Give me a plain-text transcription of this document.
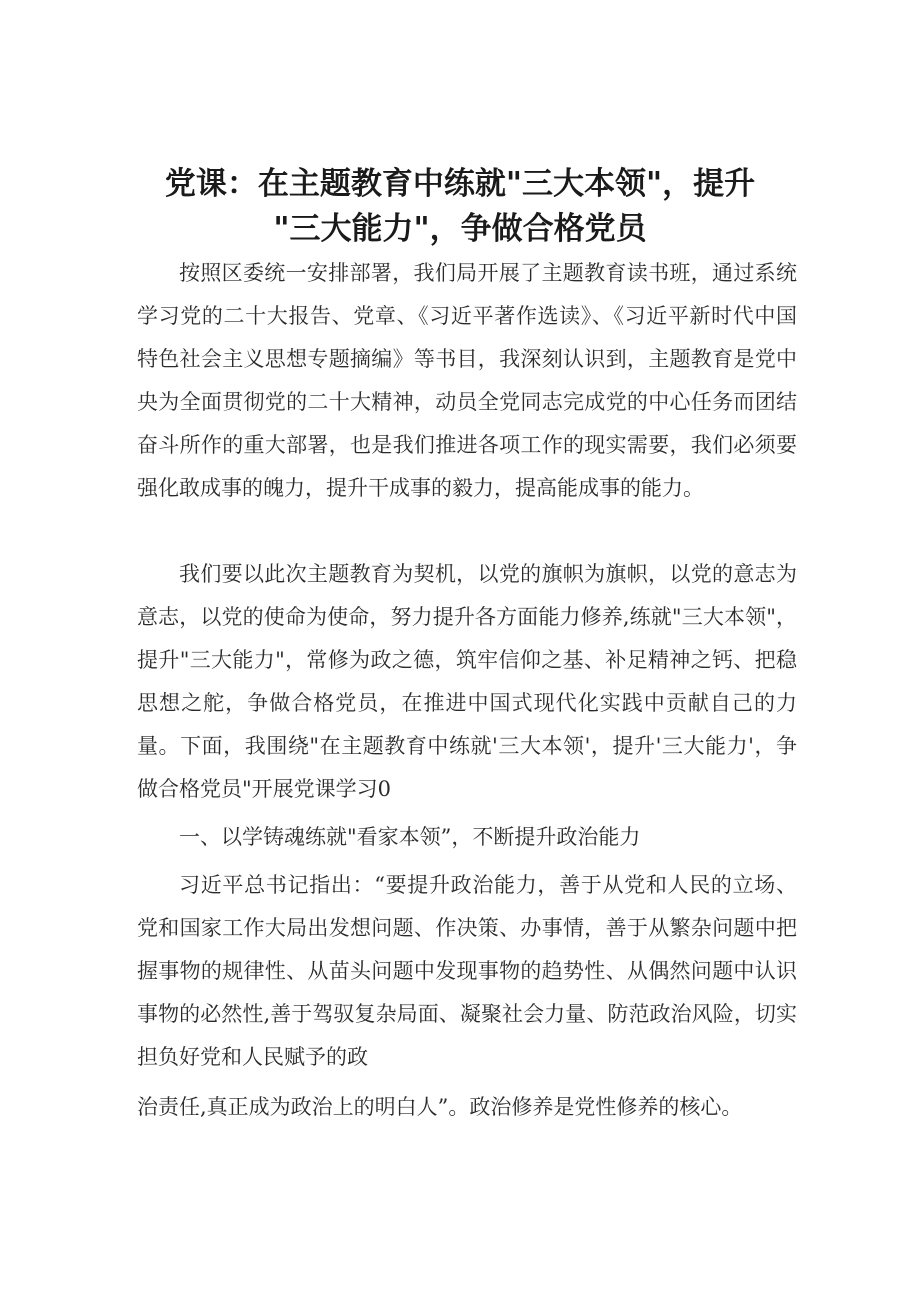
党课：在主题教育中练就"三大本领"，提升
"三大能力"，争做合格党员

按照区委统一安排部署，我们局开展了主题教育读书班，通过系统学习党的二十大报告、党章、《习近平著作选读》、《习近平新时代中国特色社会主义思想专题摘编》等书目，我深刻认识到，主题教育是党中央为全面贯彻党的二十大精神，动员全党同志完成党的中心任务而团结奋斗所作的重大部署，也是我们推进各项工作的现实需要，我们必须要强化敢成事的魄力，提升干成事的毅力，提高能成事的能力。

我们要以此次主题教育为契机，以党的旗帜为旗帜，以党的意志为意志，以党的使命为使命，努力提升各方面能力修养,练就"三大本领"，提升"三大能力"，常修为政之德，筑牢信仰之基、补足精神之钙、把稳思想之舵，争做合格党员，在推进中国式现代化实践中贡献自己的力量。下面，我围绕"在主题教育中练就'三大本领'，提升'三大能力'，争做合格党员"开展党课学习0

一、以学铸魂练就"看家本领”，不断提升政治能力

习近平总书记指出：“要提升政治能力，善于从党和人民的立场、党和国家工作大局出发想问题、作决策、办事情，善于从繁杂问题中把握事物的规律性、从苗头问题中发现事物的趋势性、从偶然问题中认识事物的必然性,善于驾驭复杂局面、凝聚社会力量、防范政治风险，切实担负好党和人民赋予的政

治责任,真正成为政治上的明白人”。政治修养是党性修养的核心。
